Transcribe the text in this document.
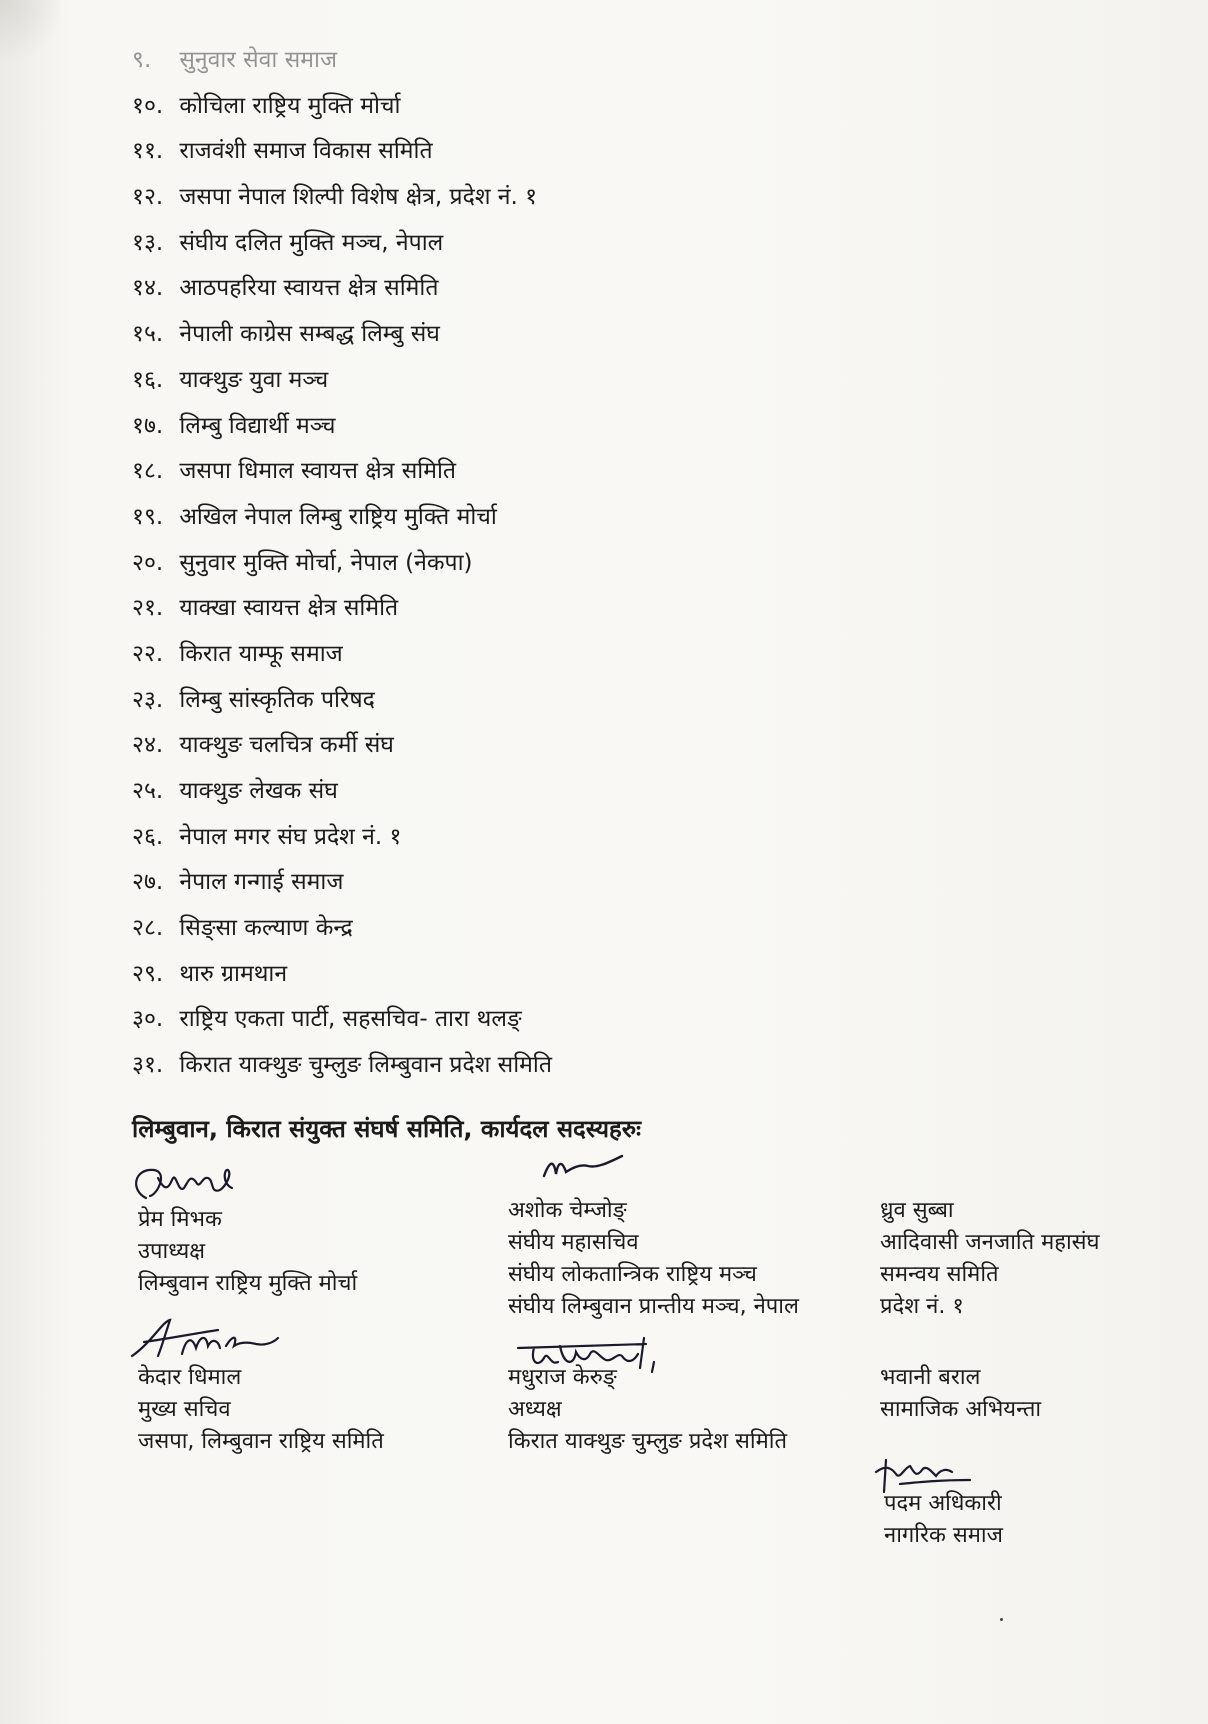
९. सुनुवार सेवा समाज
१०. कोचिला राष्ट्रिय मुक्ति मोर्चा
११. राजवंशी समाज विकास समिति
१२. जसपा नेपाल शिल्पी विशेष क्षेत्र, प्रदेश नं. १
१३. संघीय दलित मुक्ति मञ्च, नेपाल
१४. आठपहरिया स्वायत्त क्षेत्र समिति
१५. नेपाली काग्रेस सम्बद्ध लिम्बु संघ
१६. याक्थुङ युवा मञ्च
१७. लिम्बु विद्यार्थी मञ्च
१८. जसपा धिमाल स्वायत्त क्षेत्र समिति
१९. अखिल नेपाल लिम्बु राष्ट्रिय मुक्ति मोर्चा
२०. सुनुवार मुक्ति मोर्चा, नेपाल (नेकपा)
२१. याक्खा स्वायत्त क्षेत्र समिति
२२. किरात याम्फू समाज
२३. लिम्बु सांस्कृतिक परिषद
२४. याक्थुङ चलचित्र कर्मी संघ
२५. याक्थुङ लेखक संघ
२६. नेपाल मगर संघ प्रदेश नं. १
२७. नेपाल गन्गाई समाज
२८. सिङ्सा कल्याण केन्द्र
२९. थारु ग्रामथान
३०. राष्ट्रिय एकता पार्टी, सहसचिव- तारा थलङ्
३१. किरात याक्थुङ चुम्लुङ लिम्बुवान प्रदेश समिति
लिम्बुवान, किरात संयुक्त संघर्ष समिति, कार्यदल सदस्यहरुः
प्रेम मिभक
उपाध्यक्ष
लिम्बुवान राष्ट्रिय मुक्ति मोर्चा
अशोक चेम्जोङ्
संघीय महासचिव
संघीय लोकतान्त्रिक राष्ट्रिय मञ्च
संघीय लिम्बुवान प्रान्तीय मञ्च, नेपाल
ध्रुव सुब्बा
आदिवासी जनजाति महासंघ
समन्वय समिति
प्रदेश नं. १
केदार धिमाल
मुख्य सचिव
जसपा, लिम्बुवान राष्ट्रिय समिति
मधुराज केरुङ्
अध्यक्ष
किरात याक्थुङ चुम्लुङ प्रदेश समिति
भवानी बराल
सामाजिक अभियन्ता
पदम अधिकारी
नागरिक समाज
